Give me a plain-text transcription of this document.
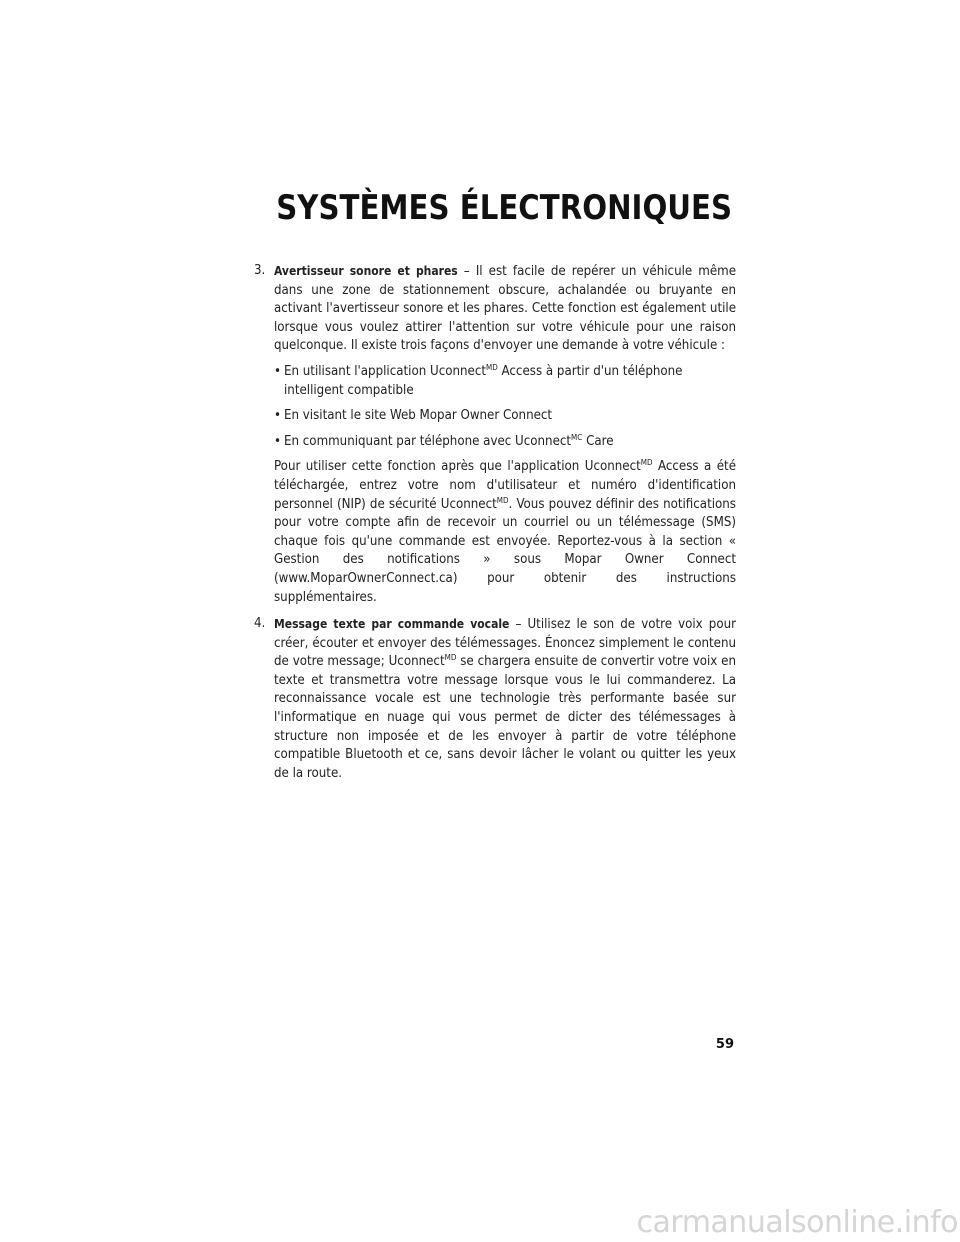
SYSTÈMES ÉLECTRONIQUES
3. Avertisseur sonore et phares – Il est facile de repérer un véhicule même dans une zone de stationnement obscure, achalandée ou bruyante en activant l'avertisseur sonore et les phares. Cette fonction est également utile lorsque vous voulez attirer l'attention sur votre véhicule pour une raison quelconque. Il existe trois façons d'envoyer une demande à votre véhicule :

• En utilisant l'application Uconnect$^{MD}$ Access à partir d'un téléphone intelligent compatible
• En visitant le site Web Mopar Owner Connect
• En communiquant par téléphone avec Uconnect$^{MC}$ Care

Pour utiliser cette fonction après que l'application Uconnect$^{MD}$ Access a été téléchargée, entrez votre nom d'utilisateur et numéro d'identification personnel (NIP) de sécurité Uconnect$^{MD}$. Vous pouvez définir des notifications pour votre compte afin de recevoir un courriel ou un télémessage (SMS) chaque fois qu'une commande est envoyée. Reportez-vous à la section « Gestion des notifications » sous Mopar Owner Connect (www.MoparOwnerConnect.ca) pour obtenir des instructions supplémentaires.

4. Message texte par commande vocale – Utilisez le son de votre voix pour créer, écouter et envoyer des télémessages. Énoncez simplement le contenu de votre message; Uconnect$^{MD}$ se chargera ensuite de convertir votre voix en texte et transmettra votre message lorsque vous le lui commanderez. La reconnaissance vocale est une technologie très performante basée sur l'informatique en nuage qui vous permet de dicter des télémessages à structure non imposée et de les envoyer à partir de votre téléphone compatible Bluetooth et ce, sans devoir lâcher le volant ou quitter les yeux de la route.

59
carmanualsonline.info
